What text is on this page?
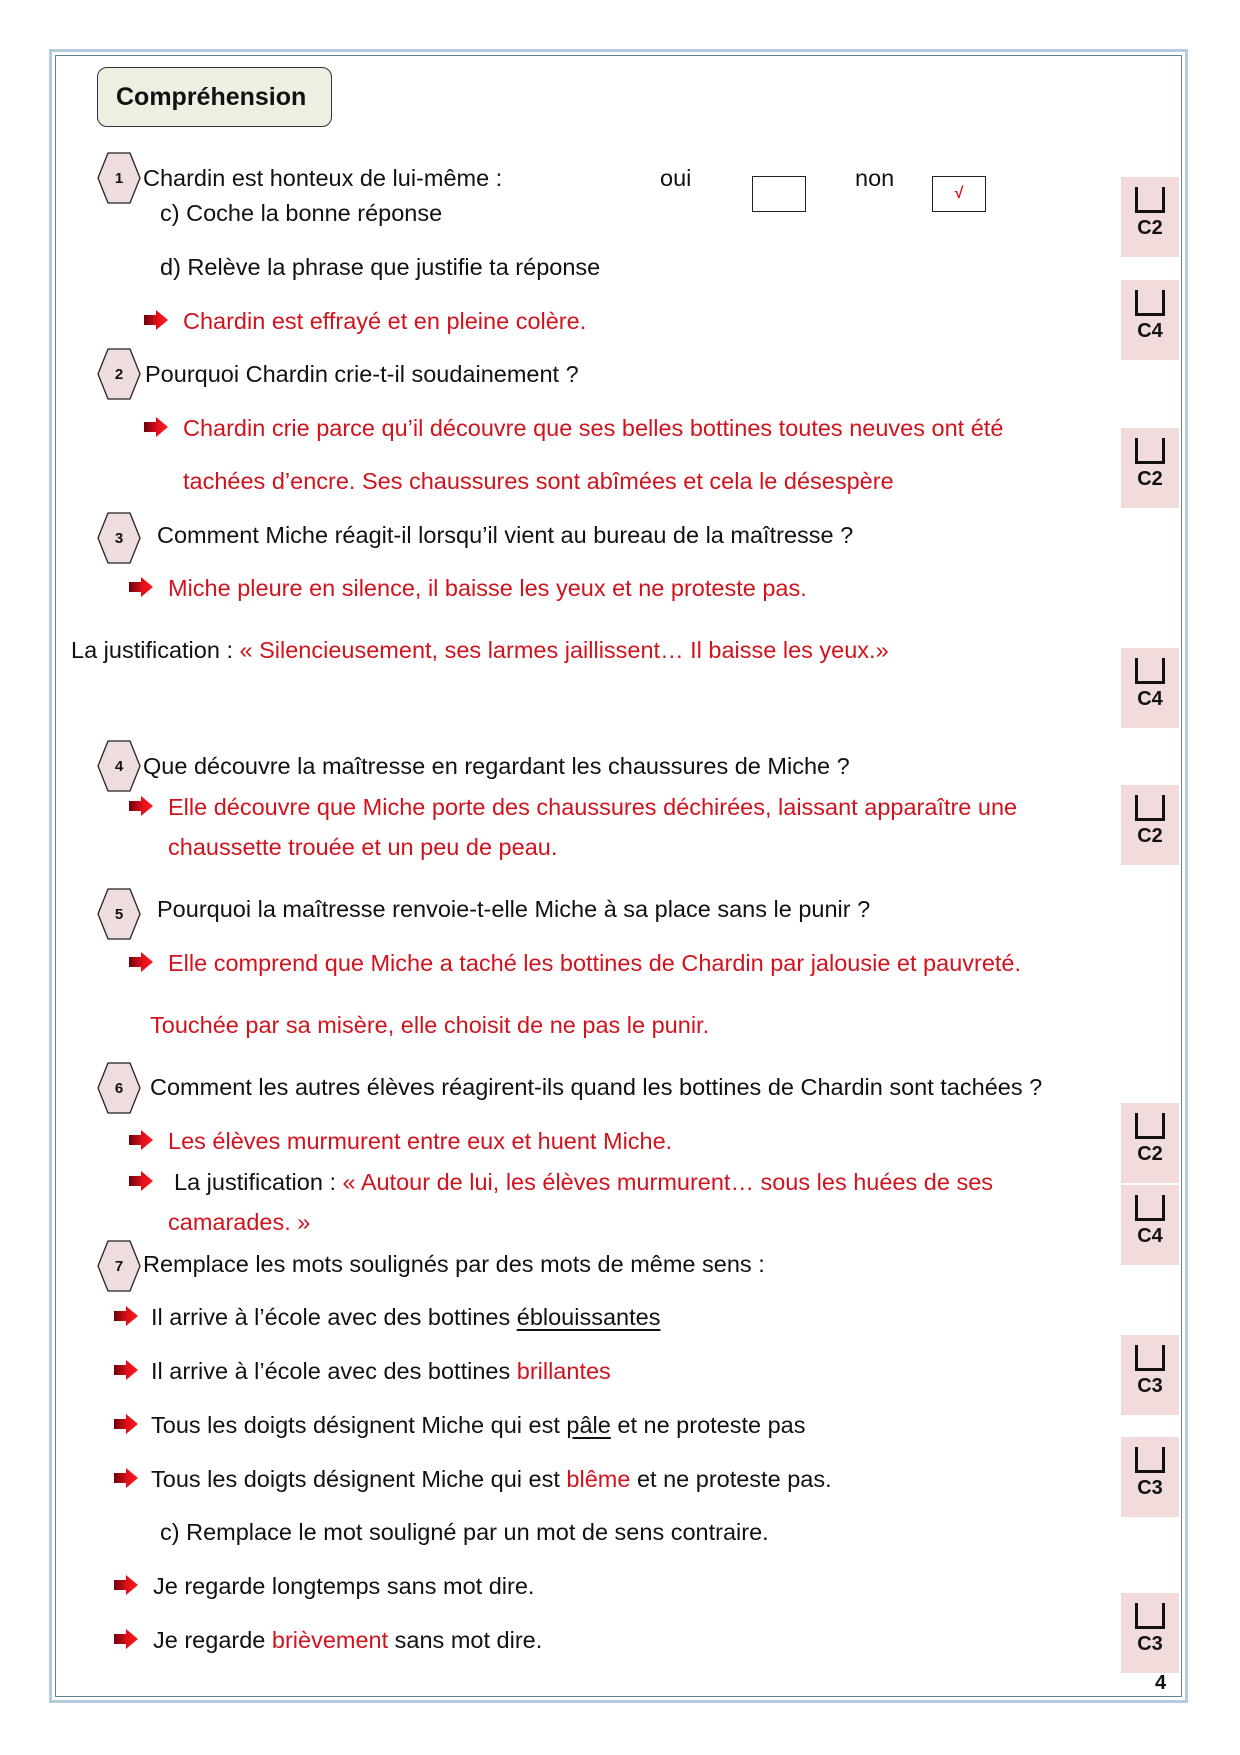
Compréhension
1 Chardin est honteux de lui-même :	oui	non
√
c) Coche la bonne réponse
d) Relève la phrase que justifie ta réponse
Chardin est effrayé et en pleine colère.
2 Pourquoi Chardin crie-t-il soudainement ?
Chardin crie parce qu’il découvre que ses belles bottines toutes neuves ont été
tachées d’encre. Ses chaussures sont abîmées et cela le désespère
3	Comment Miche réagit-il lorsqu’il vient au bureau de la maîtresse ?
Miche pleure en silence, il baisse les yeux et ne proteste pas.
La justification : « Silencieusement, ses larmes jaillissent… Il baisse les yeux.»
4 Que découvre la maîtresse en regardant les chaussures de Miche ?
Elle découvre que Miche porte des chaussures déchirées, laissant apparaître une
chaussette trouée et un peu de peau.
5	Pourquoi la maîtresse renvoie-t-elle Miche à sa place sans le punir ?
Elle comprend que Miche a taché les bottines de Chardin par jalousie et pauvreté.
Touchée par sa misère, elle choisit de ne pas le punir.
6	Comment les autres élèves réagirent-ils quand les bottines de Chardin sont tachées ?
Les élèves murmurent entre eux et huent Miche.
La justification : « Autour de lui, les élèves murmurent… sous les huées de ses
camarades. »
7 Remplace les mots soulignés par des mots de même sens :
Il arrive à l’école avec des bottines éblouissantes
Il arrive à l’école avec des bottines brillantes
Tous les doigts désignent Miche qui est pâle et ne proteste pas
Tous les doigts désignent Miche qui est blême et ne proteste pas.
c) Remplace le mot souligné par un mot de sens contraire.
Je regarde longtemps sans mot dire.
Je regarde brièvement sans mot dire.
C2
C4
C2
C4
C2
C2
C4
C3
C3
C3
4
